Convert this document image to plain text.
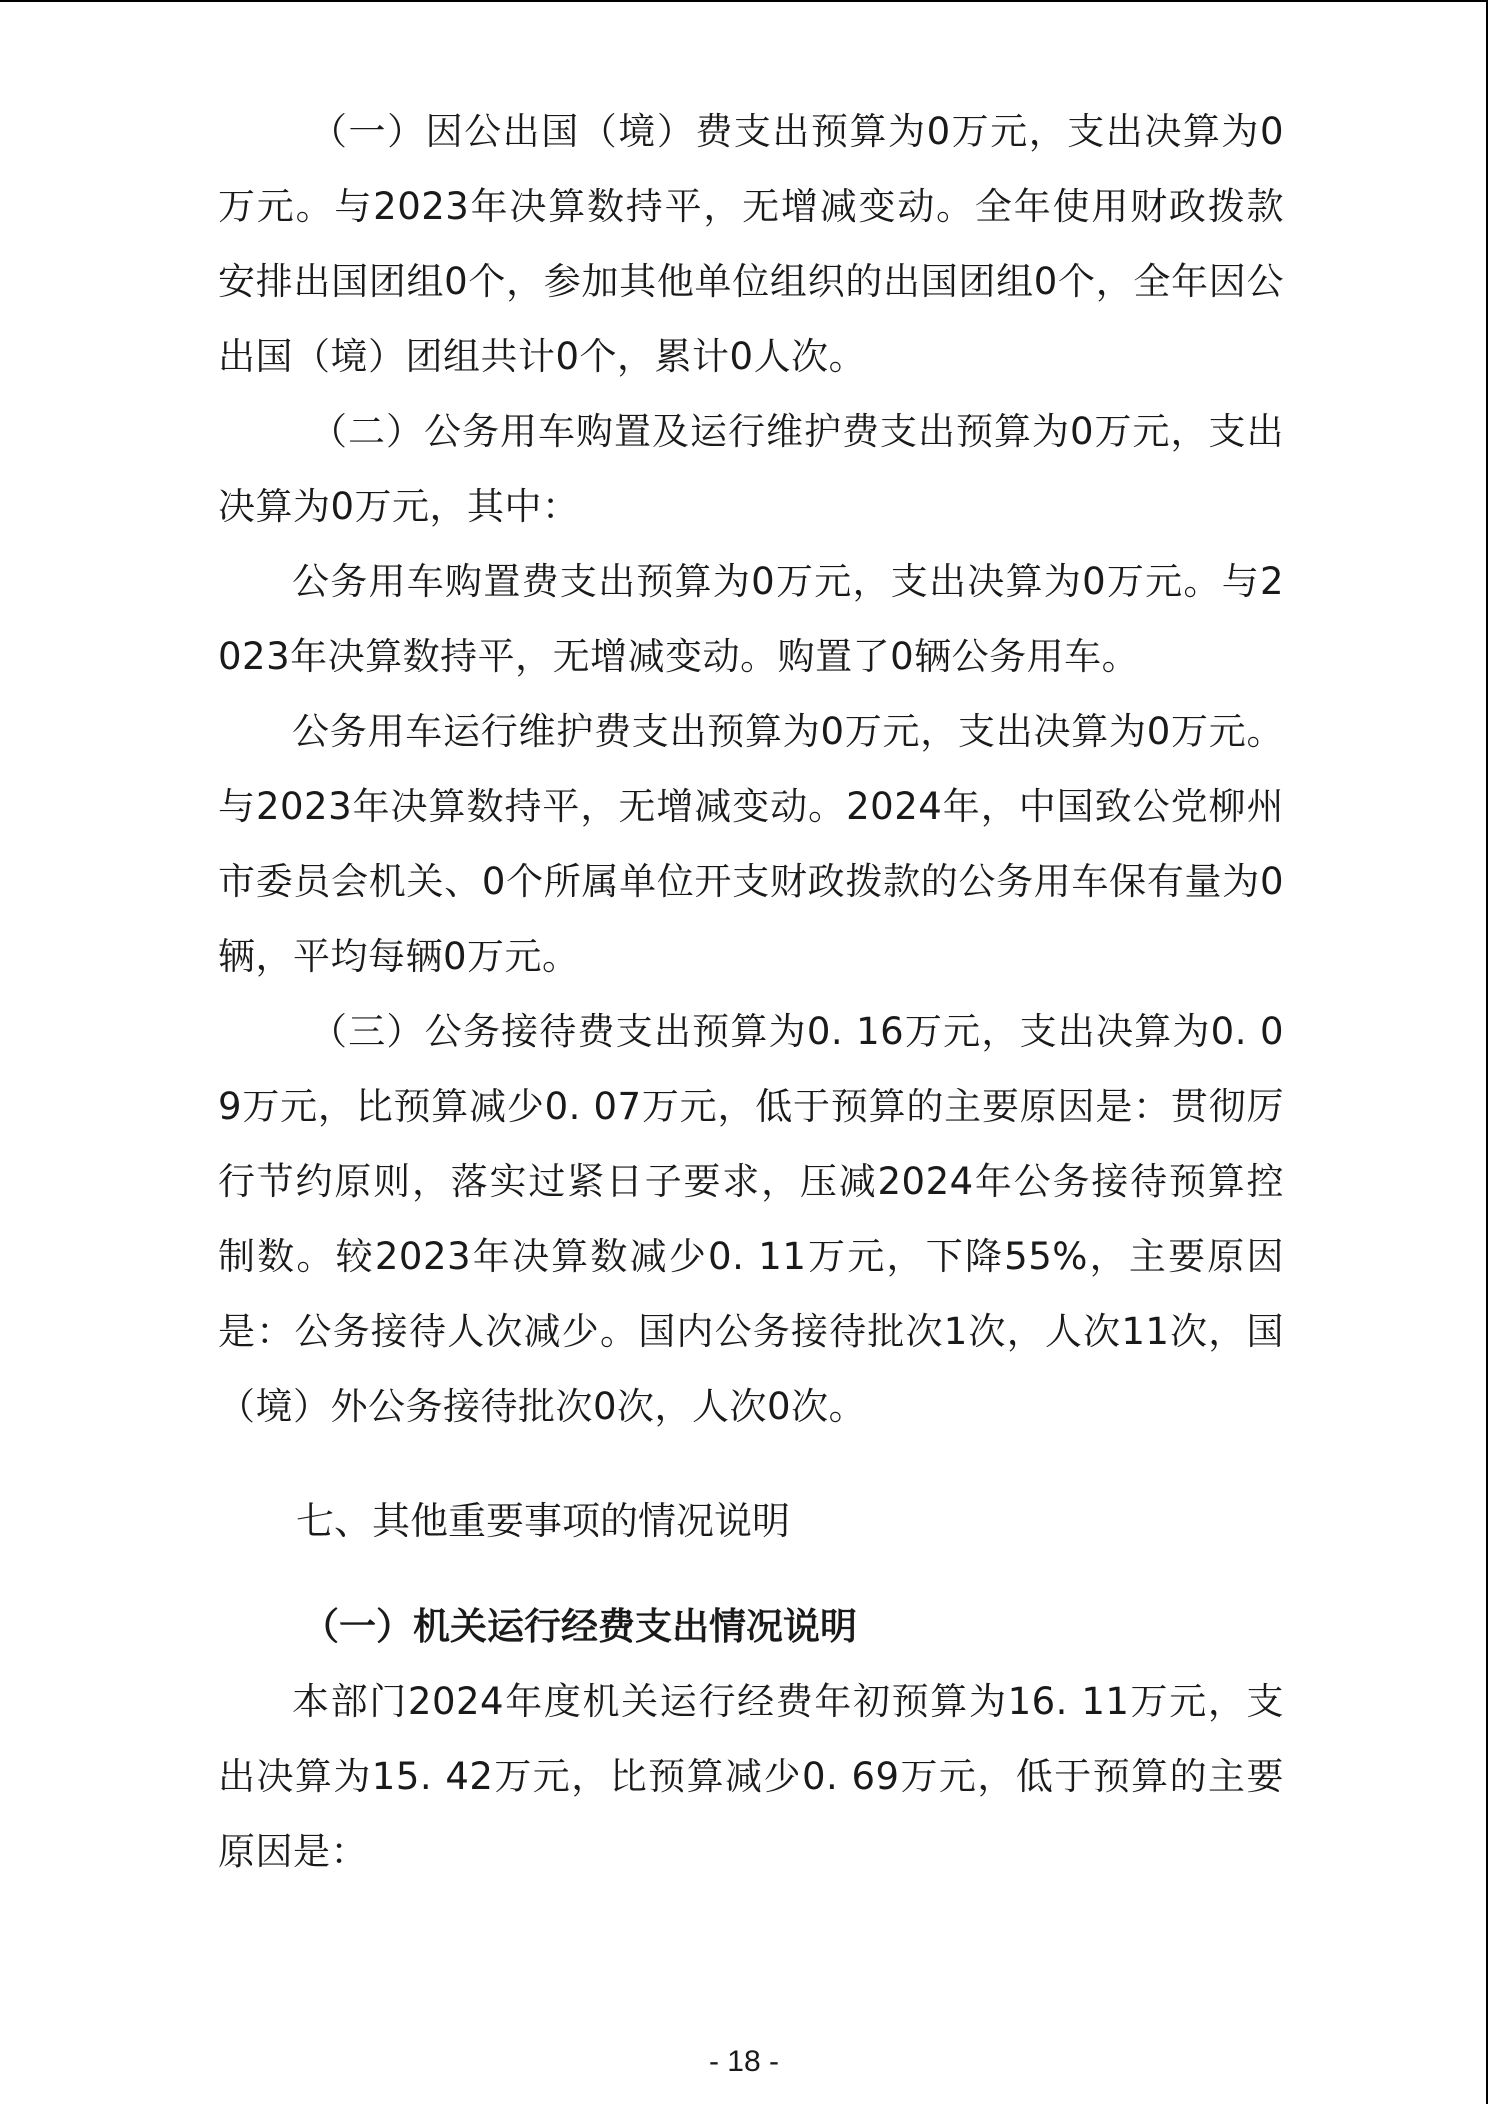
（一）因公出国（境）费支出预算为0万元，支出决算为0万元。与2023年决算数持平，无增减变动。全年使用财政拨款安排出国团组0个，参加其他单位组织的出国团组0个，全年因公出国（境）团组共计0个，累计0人次。

（二）公务用车购置及运行维护费支出预算为0万元，支出决算为0万元，其中：

公务用车购置费支出预算为0万元，支出决算为0万元。与2023年决算数持平，无增减变动。购置了0辆公务用车。

公务用车运行维护费支出预算为0万元，支出决算为0万元。与2023年决算数持平，无增减变动。2024年，中国致公党柳州市委员会机关、0个所属单位开支财政拨款的公务用车保有量为0辆，平均每辆0万元。

（三）公务接待费支出预算为0. 16万元，支出决算为0. 09万元，比预算减少0. 07万元，低于预算的主要原因是：贯彻厉行节约原则，落实过紧日子要求，压减2024年公务接待预算控制数。较2023年决算数减少0. 11万元，下降55%，主要原因是：公务接待人次减少。国内公务接待批次1次，人次11次，国（境）外公务接待批次0次，人次0次。

七、其他重要事项的情况说明
（一）机关运行经费支出情况说明

本部门2024年度机关运行经费年初预算为16. 11万元，支出决算为15. 42万元，比预算减少0. 69万元，低于预算的主要原因是：

- 18 -
